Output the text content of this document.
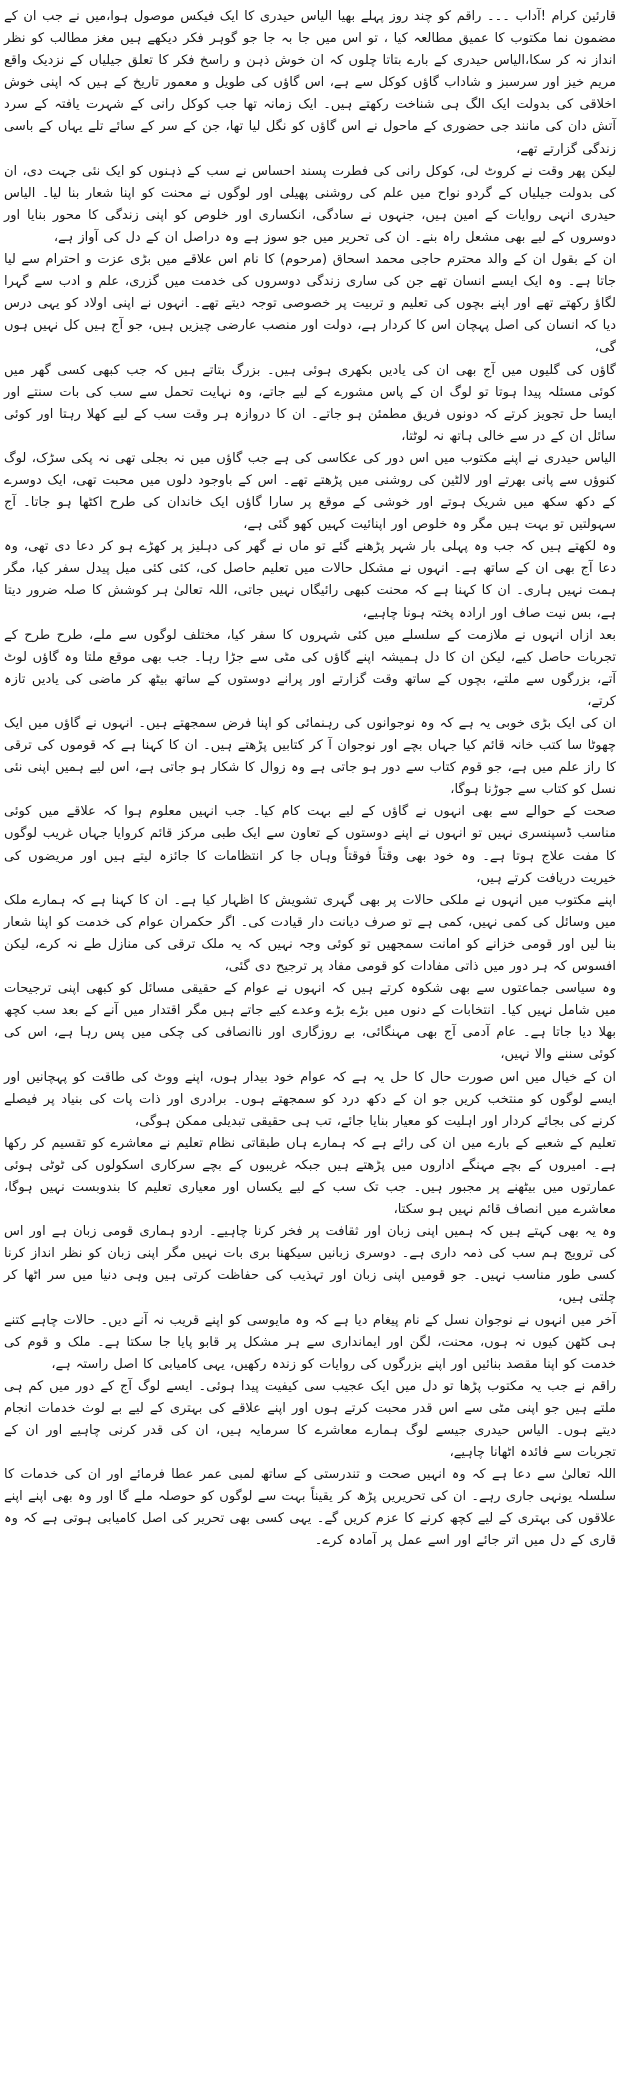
قارئین کرام !آداب ۔۔۔ راقم کو چند روز پہلے بھیا الیاس حیدری کا ایک فیکس موصول ہوا،میں نے جب ان کے مضمون نما مکتوب کا عمیق مطالعہ کیا ، تو اس میں جا بہ جا جو گوہر فکر دیکھے ہیں مغز مطالب کو نظر انداز نہ کر سکا،الیاس حیدری کے بارے بتاتا چلوں کہ ان خوش ذہن و راسخ فکر کا تعلق جیلیاں کے نزدیک واقع مریم خیز اور سرسبز و شاداب گاؤں کوکل سے ہے، اس گاؤں کی طویل و معمور تاریخ کے ہیں کہ اپنی خوش اخلاقی کی بدولت ایک الگ ہی شناخت رکھتے ہیں۔ ایک زمانہ تھا جب کوکل رانی کے شہرت یافتہ کے سرد آتش دان کی مانند جی حضوری کے ماحول نے اس گاؤں کو نگل لیا تھا، جن کے سر کے سائے تلے یہاں کے باسی زندگی گزارتے تھے،

لیکن پھر وقت نے کروٹ لی، کوکل رانی کی فطرت پسند احساس نے سب کے ذہنوں کو ایک نئی جہت دی، ان کی بدولت جیلیاں کے گردو نواح میں علم کی روشنی پھیلی اور لوگوں نے محنت کو اپنا شعار بنا لیا۔ الیاس حیدری انہی روایات کے امین ہیں، جنہوں نے سادگی، انکساری اور خلوص کو اپنی زندگی کا محور بنایا اور دوسروں کے لیے بھی مشعل راہ بنے۔ ان کی تحریر میں جو سوز ہے وہ دراصل ان کے دل کی آواز ہے،

ان کے بقول ان کے والد محترم حاجی محمد اسحاق (مرحوم) کا نام اس علاقے میں بڑی عزت و احترام سے لیا جاتا ہے۔ وہ ایک ایسے انسان تھے جن کی ساری زندگی دوسروں کی خدمت میں گزری، علم و ادب سے گہرا لگاؤ رکھتے تھے اور اپنے بچوں کی تعلیم و تربیت پر خصوصی توجہ دیتے تھے۔ انہوں نے اپنی اولاد کو یہی درس دیا کہ انسان کی اصل پہچان اس کا کردار ہے، دولت اور منصب عارضی چیزیں ہیں، جو آج ہیں کل نہیں ہوں گی،

گاؤں کی گلیوں میں آج بھی ان کی یادیں بکھری ہوئی ہیں۔ بزرگ بتاتے ہیں کہ جب کبھی کسی گھر میں کوئی مسئلہ پیدا ہوتا تو لوگ ان کے پاس مشورے کے لیے جاتے، وہ نہایت تحمل سے سب کی بات سنتے اور ایسا حل تجویز کرتے کہ دونوں فریق مطمئن ہو جاتے۔ ان کا دروازہ ہر وقت سب کے لیے کھلا رہتا اور کوئی سائل ان کے در سے خالی ہاتھ نہ لوٹتا،

الیاس حیدری نے اپنے مکتوب میں اس دور کی عکاسی کی ہے جب گاؤں میں نہ بجلی تھی نہ پکی سڑک، لوگ کنوؤں سے پانی بھرتے اور لالٹین کی روشنی میں پڑھتے تھے۔ اس کے باوجود دلوں میں محبت تھی، ایک دوسرے کے دکھ سکھ میں شریک ہوتے اور خوشی کے موقع پر سارا گاؤں ایک خاندان کی طرح اکٹھا ہو جاتا۔ آج سہولتیں تو بہت ہیں مگر وہ خلوص اور اپنائیت کہیں کھو گئی ہے،

وہ لکھتے ہیں کہ جب وہ پہلی بار شہر پڑھنے گئے تو ماں نے گھر کی دہلیز پر کھڑے ہو کر دعا دی تھی، وہ دعا آج بھی ان کے ساتھ ہے۔ انہوں نے مشکل حالات میں تعلیم حاصل کی، کئی کئی میل پیدل سفر کیا، مگر ہمت نہیں ہاری۔ ان کا کہنا ہے کہ محنت کبھی رائیگاں نہیں جاتی، اللہ تعالیٰ ہر کوشش کا صلہ ضرور دیتا ہے، بس نیت صاف اور ارادہ پختہ ہونا چاہیے،

بعد ازاں انہوں نے ملازمت کے سلسلے میں کئی شہروں کا سفر کیا، مختلف لوگوں سے ملے، طرح طرح کے تجربات حاصل کیے، لیکن ان کا دل ہمیشہ اپنے گاؤں کی مٹی سے جڑا رہا۔ جب بھی موقع ملتا وہ گاؤں لوٹ آتے، بزرگوں سے ملتے، بچوں کے ساتھ وقت گزارتے اور پرانے دوستوں کے ساتھ بیٹھ کر ماضی کی یادیں تازہ کرتے،

ان کی ایک بڑی خوبی یہ ہے کہ وہ نوجوانوں کی رہنمائی کو اپنا فرض سمجھتے ہیں۔ انہوں نے گاؤں میں ایک چھوٹا سا کتب خانہ قائم کیا جہاں بچے اور نوجوان آ کر کتابیں پڑھتے ہیں۔ ان کا کہنا ہے کہ قوموں کی ترقی کا راز علم میں ہے، جو قوم کتاب سے دور ہو جاتی ہے وہ زوال کا شکار ہو جاتی ہے، اس لیے ہمیں اپنی نئی نسل کو کتاب سے جوڑنا ہوگا،

صحت کے حوالے سے بھی انہوں نے گاؤں کے لیے بہت کام کیا۔ جب انہیں معلوم ہوا کہ علاقے میں کوئی مناسب ڈسپنسری نہیں تو انہوں نے اپنے دوستوں کے تعاون سے ایک طبی مرکز قائم کروایا جہاں غریب لوگوں کا مفت علاج ہوتا ہے۔ وہ خود بھی وقتاً فوقتاً وہاں جا کر انتظامات کا جائزہ لیتے ہیں اور مریضوں کی خیریت دریافت کرتے ہیں،

اپنے مکتوب میں انہوں نے ملکی حالات پر بھی گہری تشویش کا اظہار کیا ہے۔ ان کا کہنا ہے کہ ہمارے ملک میں وسائل کی کمی نہیں، کمی ہے تو صرف دیانت دار قیادت کی۔ اگر حکمران عوام کی خدمت کو اپنا شعار بنا لیں اور قومی خزانے کو امانت سمجھیں تو کوئی وجہ نہیں کہ یہ ملک ترقی کی منازل طے نہ کرے، لیکن افسوس کہ ہر دور میں ذاتی مفادات کو قومی مفاد پر ترجیح دی گئی،

وہ سیاسی جماعتوں سے بھی شکوہ کرتے ہیں کہ انہوں نے عوام کے حقیقی مسائل کو کبھی اپنی ترجیحات میں شامل نہیں کیا۔ انتخابات کے دنوں میں بڑے بڑے وعدے کیے جاتے ہیں مگر اقتدار میں آنے کے بعد سب کچھ بھلا دیا جاتا ہے۔ عام آدمی آج بھی مہنگائی، بے روزگاری اور ناانصافی کی چکی میں پس رہا ہے، اس کی کوئی سننے والا نہیں،

ان کے خیال میں اس صورت حال کا حل یہ ہے کہ عوام خود بیدار ہوں، اپنے ووٹ کی طاقت کو پہچانیں اور ایسے لوگوں کو منتخب کریں جو ان کے دکھ درد کو سمجھتے ہوں۔ برادری اور ذات پات کی بنیاد پر فیصلے کرنے کی بجائے کردار اور اہلیت کو معیار بنایا جائے، تب ہی حقیقی تبدیلی ممکن ہوگی،

تعلیم کے شعبے کے بارے میں ان کی رائے ہے کہ ہمارے ہاں طبقاتی نظام تعلیم نے معاشرے کو تقسیم کر رکھا ہے۔ امیروں کے بچے مہنگے اداروں میں پڑھتے ہیں جبکہ غریبوں کے بچے سرکاری اسکولوں کی ٹوٹی ہوئی عمارتوں میں بیٹھنے پر مجبور ہیں۔ جب تک سب کے لیے یکساں اور معیاری تعلیم کا بندوبست نہیں ہوگا، معاشرے میں انصاف قائم نہیں ہو سکتا،

وہ یہ بھی کہتے ہیں کہ ہمیں اپنی زبان اور ثقافت پر فخر کرنا چاہیے۔ اردو ہماری قومی زبان ہے اور اس کی ترویج ہم سب کی ذمہ داری ہے۔ دوسری زبانیں سیکھنا بری بات نہیں مگر اپنی زبان کو نظر انداز کرنا کسی طور مناسب نہیں۔ جو قومیں اپنی زبان اور تہذیب کی حفاظت کرتی ہیں وہی دنیا میں سر اٹھا کر چلتی ہیں،

آخر میں انہوں نے نوجوان نسل کے نام پیغام دیا ہے کہ وہ مایوسی کو اپنے قریب نہ آنے دیں۔ حالات چاہے کتنے ہی کٹھن کیوں نہ ہوں، محنت، لگن اور ایمانداری سے ہر مشکل پر قابو پایا جا سکتا ہے۔ ملک و قوم کی خدمت کو اپنا مقصد بنائیں اور اپنے بزرگوں کی روایات کو زندہ رکھیں، یہی کامیابی کا اصل راستہ ہے،

راقم نے جب یہ مکتوب پڑھا تو دل میں ایک عجیب سی کیفیت پیدا ہوئی۔ ایسے لوگ آج کے دور میں کم ہی ملتے ہیں جو اپنی مٹی سے اس قدر محبت کرتے ہوں اور اپنے علاقے کی بہتری کے لیے بے لوث خدمات انجام دیتے ہوں۔ الیاس حیدری جیسے لوگ ہمارے معاشرے کا سرمایہ ہیں، ان کی قدر کرنی چاہیے اور ان کے تجربات سے فائدہ اٹھانا چاہیے،

اللہ تعالیٰ سے دعا ہے کہ وہ انہیں صحت و تندرستی کے ساتھ لمبی عمر عطا فرمائے اور ان کی خدمات کا سلسلہ یونہی جاری رہے۔ ان کی تحریریں پڑھ کر یقیناً بہت سے لوگوں کو حوصلہ ملے گا اور وہ بھی اپنے اپنے علاقوں کی بہتری کے لیے کچھ کرنے کا عزم کریں گے۔ یہی کسی بھی تحریر کی اصل کامیابی ہوتی ہے کہ وہ قاری کے دل میں اتر جائے اور اسے عمل پر آمادہ کرے۔
